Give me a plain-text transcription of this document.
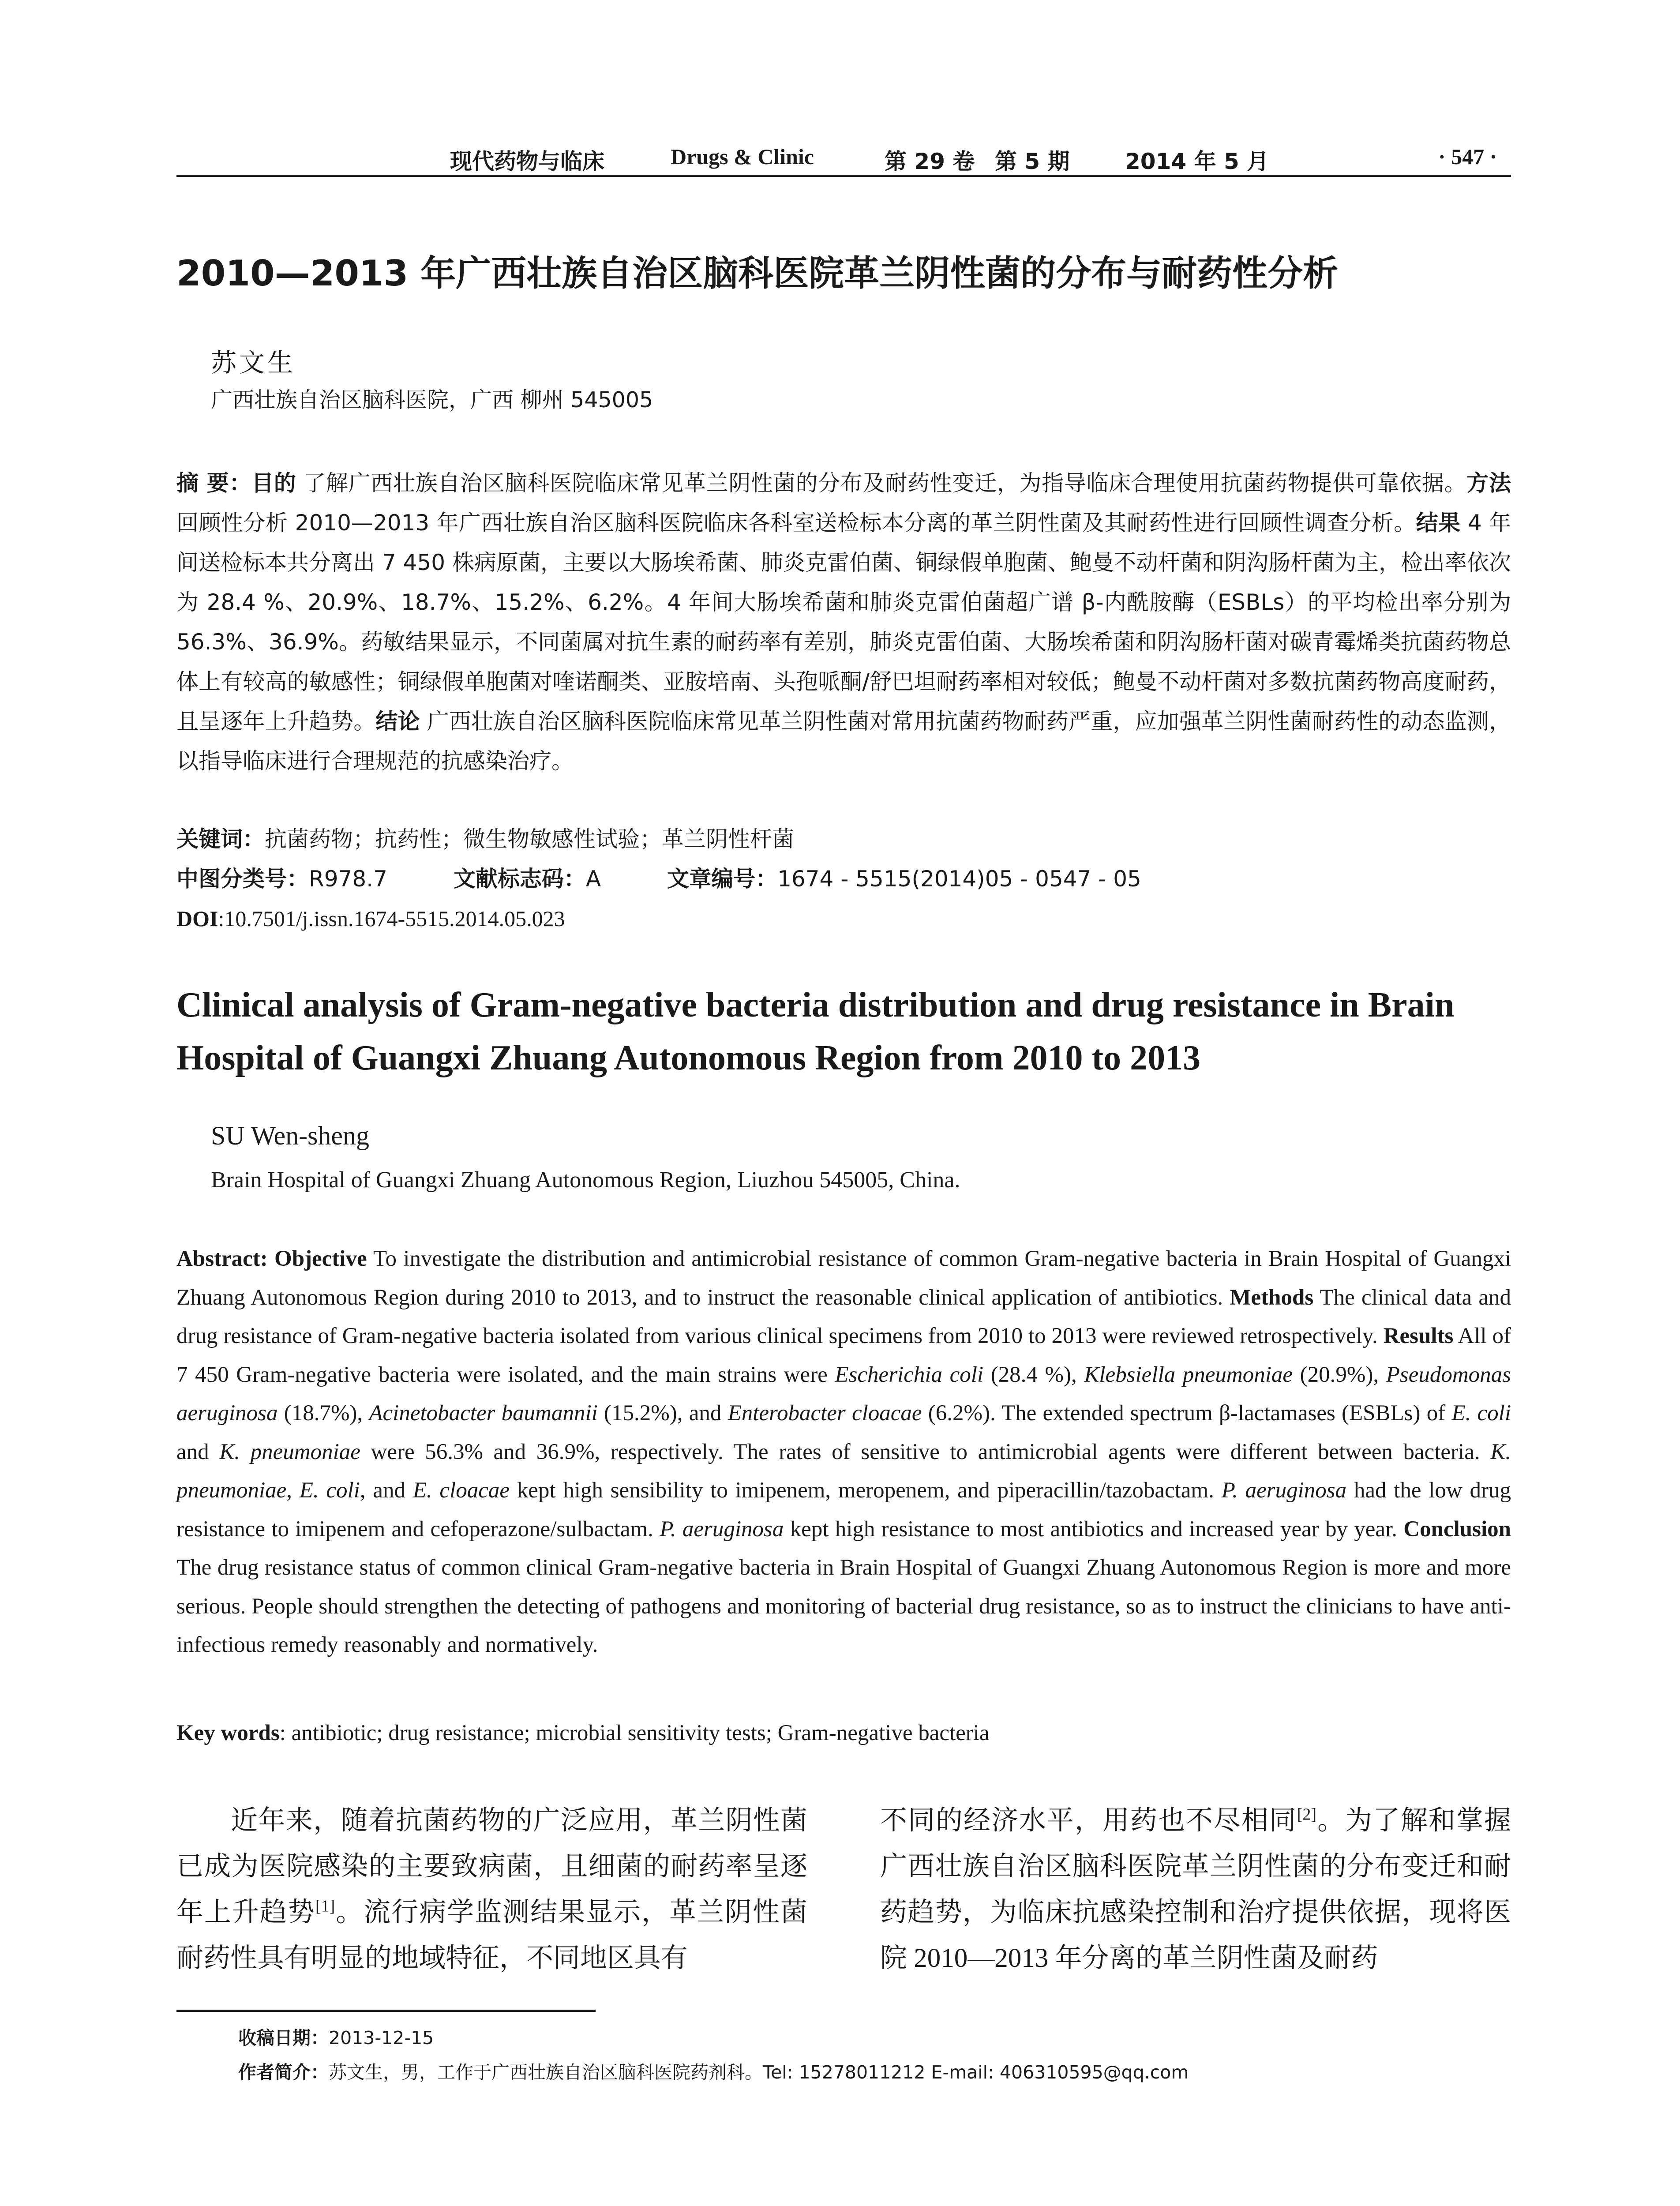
现代药物与临床	Drugs & Clinic	第 29 卷 第 5 期	2014 年 5 月	· 547 ·
2010—2013 年广西壮族自治区脑科医院革兰阴性菌的分布与耐药性分析
苏文生
广西壮族自治区脑科医院，广西 柳州 545005
摘 要：目的 了解广西壮族自治区脑科医院临床常见革兰阴性菌的分布及耐药性变迁，为指导临床合理使用抗菌药物提供可靠依据。方法 回顾性分析 2010—2013 年广西壮族自治区脑科医院临床各科室送检标本分离的革兰阴性菌及其耐药性进行回顾性调查分析。结果 4 年间送检标本共分离出 7 450 株病原菌，主要以大肠埃希菌、肺炎克雷伯菌、铜绿假单胞菌、鲍曼不动杆菌和阴沟肠杆菌为主，检出率依次为 28.4 %、20.9%、18.7%、15.2%、6.2%。4 年间大肠埃希菌和肺炎克雷伯菌超广谱 β-内酰胺酶（ESBLs）的平均检出率分别为 56.3%、36.9%。药敏结果显示，不同菌属对抗生素的耐药率有差别，肺炎克雷伯菌、大肠埃希菌和阴沟肠杆菌对碳青霉烯类抗菌药物总体上有较高的敏感性；铜绿假单胞菌对喹诺酮类、亚胺培南、头孢哌酮/舒巴坦耐药率相对较低；鲍曼不动杆菌对多数抗菌药物高度耐药，且呈逐年上升趋势。结论 广西壮族自治区脑科医院临床常见革兰阴性菌对常用抗菌药物耐药严重，应加强革兰阴性菌耐药性的动态监测，以指导临床进行合理规范的抗感染治疗。
关键词：抗菌药物；抗药性；微生物敏感性试验；革兰阴性杆菌
中图分类号：R978.7	文献标志码：A	文章编号：1674 - 5515(2014)05 - 0547 - 05
DOI:10.7501/j.issn.1674-5515.2014.05.023
Clinical analysis of Gram-negative bacteria distribution and drug resistance in Brain Hospital of Guangxi Zhuang Autonomous Region from 2010 to 2013
SU Wen-sheng
Brain Hospital of Guangxi Zhuang Autonomous Region, Liuzhou 545005, China.
Abstract: Objective To investigate the distribution and antimicrobial resistance of common Gram-negative bacteria in Brain Hospital of Guangxi Zhuang Autonomous Region during 2010 to 2013, and to instruct the reasonable clinical application of antibiotics. Methods The clinical data and drug resistance of Gram-negative bacteria isolated from various clinical specimens from 2010 to 2013 were reviewed retrospectively. Results All of 7 450 Gram-negative bacteria were isolated, and the main strains were Escherichia coli (28.4 %), Klebsiella pneumoniae (20.9%), Pseudomonas aeruginosa (18.7%), Acinetobacter baumannii (15.2%), and Enterobacter cloacae (6.2%). The extended spectrum β-lactamases (ESBLs) of E. coli and K. pneumoniae were 56.3% and 36.9%, respectively. The rates of sensitive to antimicrobial agents were different between bacteria. K. pneumoniae, E. coli, and E. cloacae kept high sensibility to imipenem, meropenem, and piperacillin/tazobactam. P. aeruginosa had the low drug resistance to imipenem and cefoperazone/sulbactam. P. aeruginosa kept high resistance to most antibiotics and increased year by year. Conclusion The drug resistance status of common clinical Gram-negative bacteria in Brain Hospital of Guangxi Zhuang Autonomous Region is more and more serious. People should strengthen the detecting of pathogens and monitoring of bacterial drug resistance, so as to instruct the clinicians to have anti-infectious remedy reasonably and normatively.
Key words: antibiotic; drug resistance; microbial sensitivity tests; Gram-negative bacteria
近年来，随着抗菌药物的广泛应用，革兰阴性菌已成为医院感染的主要致病菌，且细菌的耐药率呈逐年上升趋势[1]。流行病学监测结果显示，革兰阴性菌耐药性具有明显的地域特征，不同地区具有
不同的经济水平，用药也不尽相同[2]。为了解和掌握广西壮族自治区脑科医院革兰阴性菌的分布变迁和耐药趋势，为临床抗感染控制和治疗提供依据，现将医院 2010—2013 年分离的革兰阴性菌及耐药
收稿日期：2013-12-15
作者简介：苏文生，男，工作于广西壮族自治区脑科医院药剂科。Tel: 15278011212 E-mail: 406310595@qq.com
